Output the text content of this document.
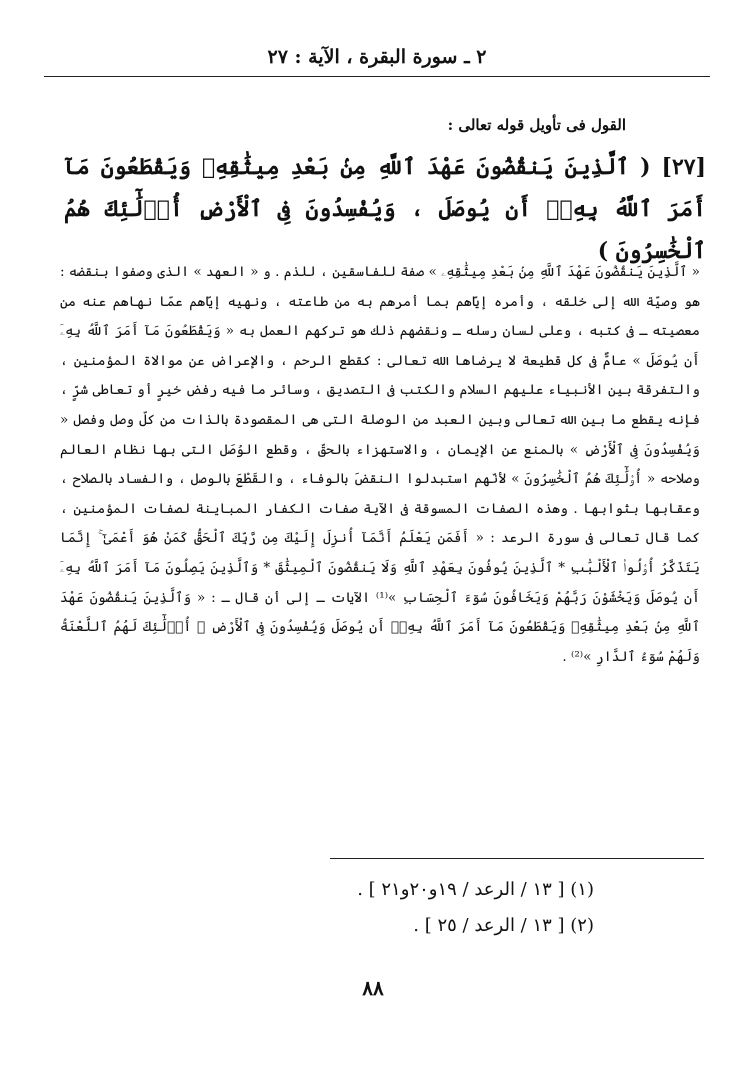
٢ ـ سورة البقرة ، الآية : ٢٧
القول فى تأويل قوله تعالى :
[٢٧] ( ٱلَّذِينَ يَنقُضُونَ عَهْدَ ٱللَّهِ مِنۢ بَعْدِ مِيثَٰقِهِۦ وَيَقْطَعُونَ مَآ أَمَرَ ٱللَّهُ بِهِۦٓ أَن يُوصَلَ ، وَيُفْسِدُونَ فِى ٱلْأَرْضِ أُو۟لَٰٓئِكَ هُمُ ٱلْخَٰسِرُونَ )

« ٱلَّذِينَ يَنقُضُونَ عَهْدَ ٱللَّهِ مِنۢ بَعْدِ مِيثَٰقِهِۦ » صفة للفاسقين ، للذم . و « العهد » الذى وصفوا بنقضه : هو وصيّة الله إلى خلقه ، وأمره إيّاهم بما أمرهم به من طاعته ، ونهيه إيّاهم عمّا نهاهم عنه من معصيته ـ فى كتبه ، وعلى لسان رسله ـ ونقضهم ذلك هو تركهم العمل به « وَيَقْطَعُونَ مَآ أَمَرَ ٱللَّهُ بِهِۦٓ أَن يُوصَلَ » عامٌّ فى كل قطيعة لا يرضاها الله تعالى : كقطع الرحم ، والإعراض عن موالاة المؤمنين ، والتفرقة بين الأنبياء عليهم السلام والكتب فى التصديق ، وسائر ما فيه رفض خيرٍ أو تعاطى شرٍّ ، فإنه يقطع ما بين الله تعالى وبين العبد من الوصلة التى هى المقصودة بالذات من كلّ وصل وفصل « وَيُفْسِدُونَ فِى ٱلْأَرْضِ » بالمنع عن الإيمان ، والاستهزاء بالحقّ ، وقطع الوُصَل التى بها نظام العالم وصلاحه « أُو۟لَٰٓئِكَ هُمُ ٱلْخَٰسِرُونَ » لأنّهم استبدلوا النقضَ بالوفاء ، والقَطْعَ بالوصل ، والفساد بالصلاح ، وعقابها بثوابها . وهذه الصفات المسوقة فى الآية صفات الكفار المباينة لصفات المؤمنين ، كما قال تعالى فى سورة الرعد : « أَفَمَن يَعْلَمُ أَنَّمَآ أُنزِلَ إِلَيْكَ مِن رَّبِّكَ ٱلْحَقُّ كَمَنْ هُوَ أَعْمَىٰٓ ۚ إِنَّمَا يَتَذَكَّرُ أُو۟لُوا۟ ٱلْأَلْبَٰبِ * ٱلَّذِينَ يُوفُونَ بِعَهْدِ ٱللَّهِ وَلَا يَنقُضُونَ ٱلْمِيثَٰقَ * وَٱلَّذِينَ يَصِلُونَ مَآ أَمَرَ ٱللَّهُ بِهِۦٓ أَن يُوصَلَ وَيَخْشَوْنَ رَبَّهُمْ وَيَخَافُونَ سُوٓءَ ٱلْحِسَابِ »⁽¹⁾ الآيات ـ إلى أن قال ـ : « وَٱلَّذِينَ يَنقُضُونَ عَهْدَ ٱللَّهِ مِنۢ بَعْدِ مِيثَٰقِهِۦ وَيَقْطَعُونَ مَآ أَمَرَ ٱللَّهُ بِهِۦٓ أَن يُوصَلَ وَيُفْسِدُونَ فِى ٱلْأَرْضِ ۙ أُو۟لَٰٓئِكَ لَهُمُ ٱللَّعْنَةُ وَلَهُمْ سُوٓءُ ٱلدَّارِ »⁽²⁾ .

(١) [ ١٣ / الرعد / ١٩و٢٠و٢١ ] .
(٢) [ ١٣ / الرعد / ٢٥ ] .
٨٨
